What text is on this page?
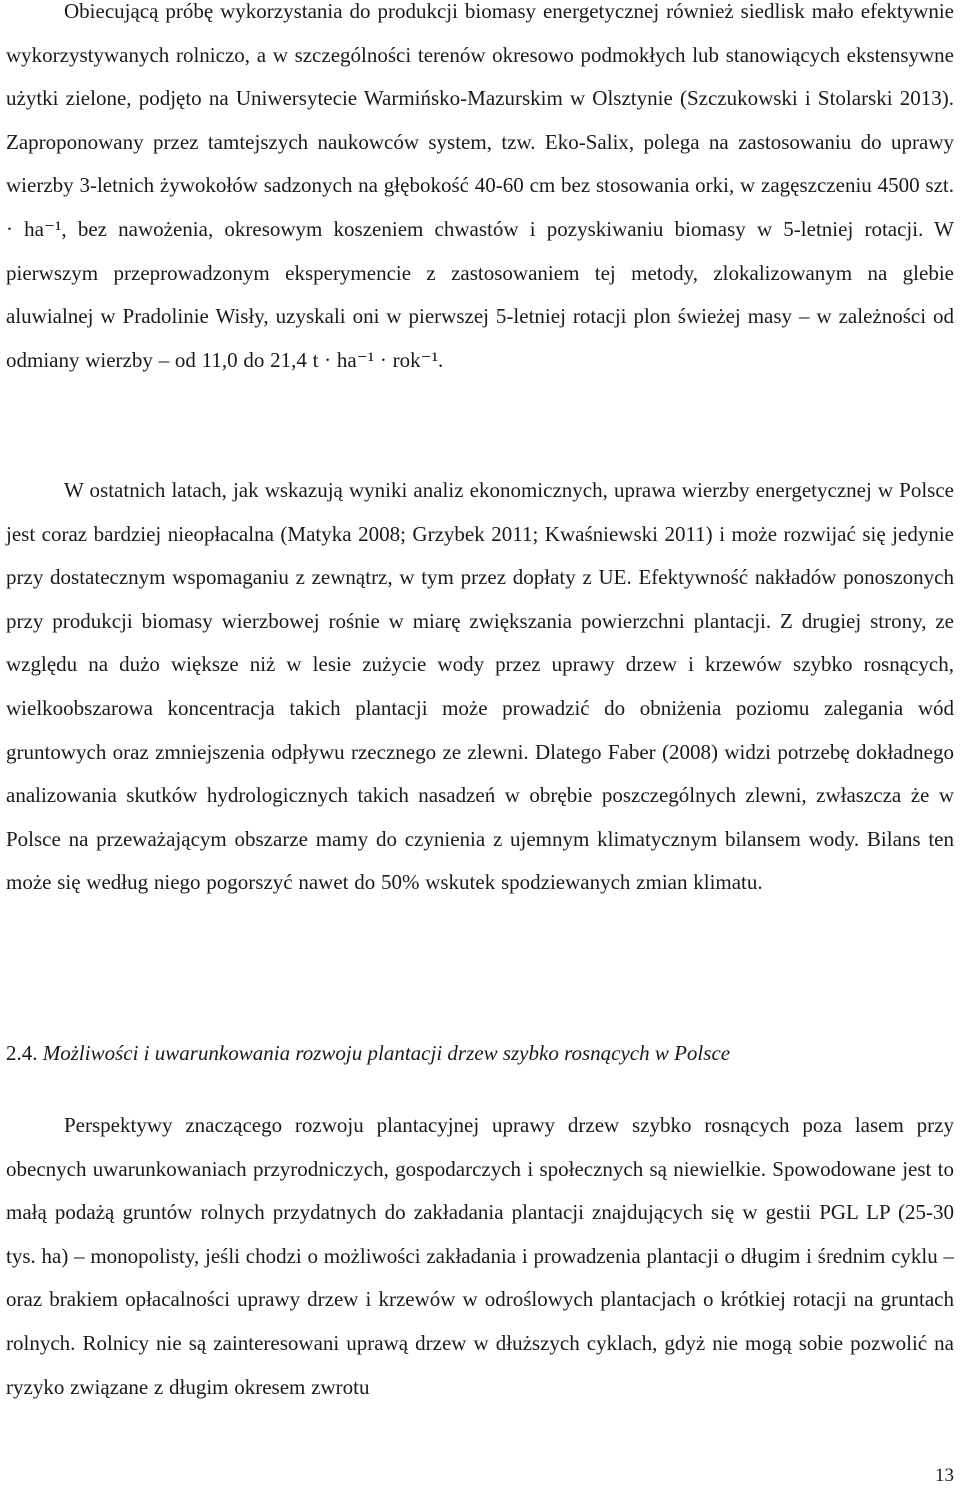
Obiecującą próbę wykorzystania do produkcji biomasy energetycznej również siedlisk mało efektywnie wykorzystywanych rolniczo, a w szczególności terenów okresowo podmokłych lub stanowiących ekstensywne użytki zielone, podjęto na Uniwersytecie Warmińsko-Mazurskim w Olsztynie (Szczukowski i Stolarski 2013). Zaproponowany przez tamtejszych naukowców system, tzw. Eko-Salix, polega na zastosowaniu do uprawy wierzby 3-letnich żywokołów sadzonych na głębokość 40-60 cm bez stosowania orki, w zagęszczeniu 4500 szt. · ha⁻¹, bez nawożenia, okresowym koszeniem chwastów i pozyskiwaniu biomasy w 5-letniej rotacji. W pierwszym przeprowadzonym eksperymencie z zastosowaniem tej metody, zlokalizowanym na glebie aluwialnej w Pradolinie Wisły, uzyskali oni w pierwszej 5-letniej rotacji plon świeżej masy – w zależności od odmiany wierzby – od 11,0 do 21,4 t · ha⁻¹ · rok⁻¹.

W ostatnich latach, jak wskazują wyniki analiz ekonomicznych, uprawa wierzby energetycznej w Polsce jest coraz bardziej nieopłacalna (Matyka 2008; Grzybek 2011; Kwaśniewski 2011) i może rozwijać się jedynie przy dostatecznym wspomaganiu z zewnątrz, w tym przez dopłaty z UE. Efektywność nakładów ponoszonych przy produkcji biomasy wierzbowej rośnie w miarę zwiększania powierzchni plantacji. Z drugiej strony, ze względu na dużo większe niż w lesie zużycie wody przez uprawy drzew i krzewów szybko rosnących, wielkoobszarowa koncentracja takich plantacji może prowadzić do obniżenia poziomu zalegania wód gruntowych oraz zmniejszenia odpływu rzecznego ze zlewni. Dlatego Faber (2008) widzi potrzebę dokładnego analizowania skutków hydrologicznych takich nasadzeń w obrębie poszczególnych zlewni, zwłaszcza że w Polsce na przeważającym obszarze mamy do czynienia z ujemnym klimatycznym bilansem wody. Bilans ten może się według niego pogorszyć nawet do 50% wskutek spodziewanych zmian klimatu.

2.4. Możliwości i uwarunkowania rozwoju plantacji drzew szybko rosnących w Polsce

Perspektywy znaczącego rozwoju plantacyjnej uprawy drzew szybko rosnących poza lasem przy obecnych uwarunkowaniach przyrodniczych, gospodarczych i społecznych są niewielkie. Spowodowane jest to małą podażą gruntów rolnych przydatnych do zakładania plantacji znajdujących się w gestii PGL LP (25-30 tys. ha) – monopolisty, jeśli chodzi o możliwości zakładania i prowadzenia plantacji o długim i średnim cyklu – oraz brakiem opłacalności uprawy drzew i krzewów w odroślowych plantacjach o krótkiej rotacji na gruntach rolnych. Rolnicy nie są zainteresowani uprawą drzew w dłuższych cyklach, gdyż nie mogą sobie pozwolić na ryzyko związane z długim okresem zwrotu

13
